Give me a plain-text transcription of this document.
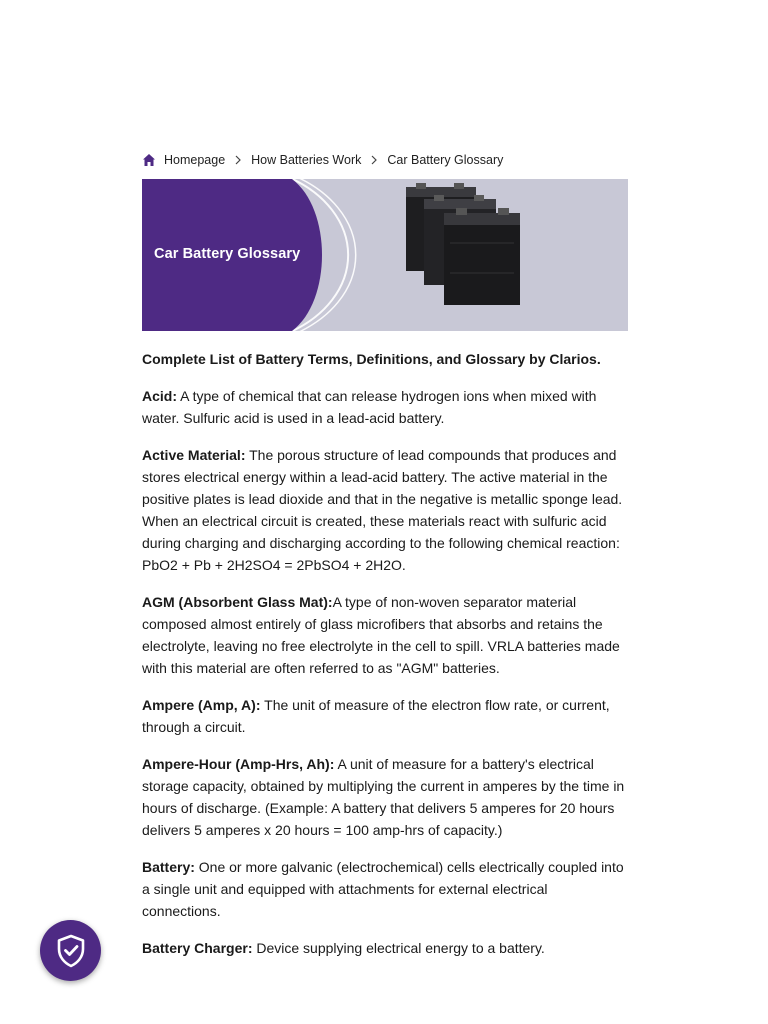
Homepage How Batteries Work Car Battery Glossary
Car Battery Glossary

Complete List of Battery Terms, Definitions, and Glossary by Clarios.

Acid: A type of chemical that can release hydrogen ions when mixed with water. Sulfuric acid is used in a lead-acid battery.

Active Material: The porous structure of lead compounds that produces and stores electrical energy within a lead-acid battery. The active material in the positive plates is lead dioxide and that in the negative is metallic sponge lead. When an electrical circuit is created, these materials react with sulfuric acid during charging and discharging according to the following chemical reaction: PbO2 + Pb + 2H2SO4 = 2PbSO4 + 2H2O.

AGM (Absorbent Glass Mat):A type of non-woven separator material composed almost entirely of glass microfibers that absorbs and retains the electrolyte, leaving no free electrolyte in the cell to spill. VRLA batteries made with this material are often referred to as "AGM" batteries.

Ampere (Amp, A): The unit of measure of the electron flow rate, or current, through a circuit.

Ampere-Hour (Amp-Hrs, Ah): A unit of measure for a battery's electrical storage capacity, obtained by multiplying the current in amperes by the time in hours of discharge. (Example: A battery that delivers 5 amperes for 20 hours delivers 5 amperes x 20 hours = 100 amp-hrs of capacity.)

Battery: One or more galvanic (electrochemical) cells electrically coupled into a single unit and equipped with attachments for external electrical connections.

Battery Charger: Device supplying electrical energy to a battery.
